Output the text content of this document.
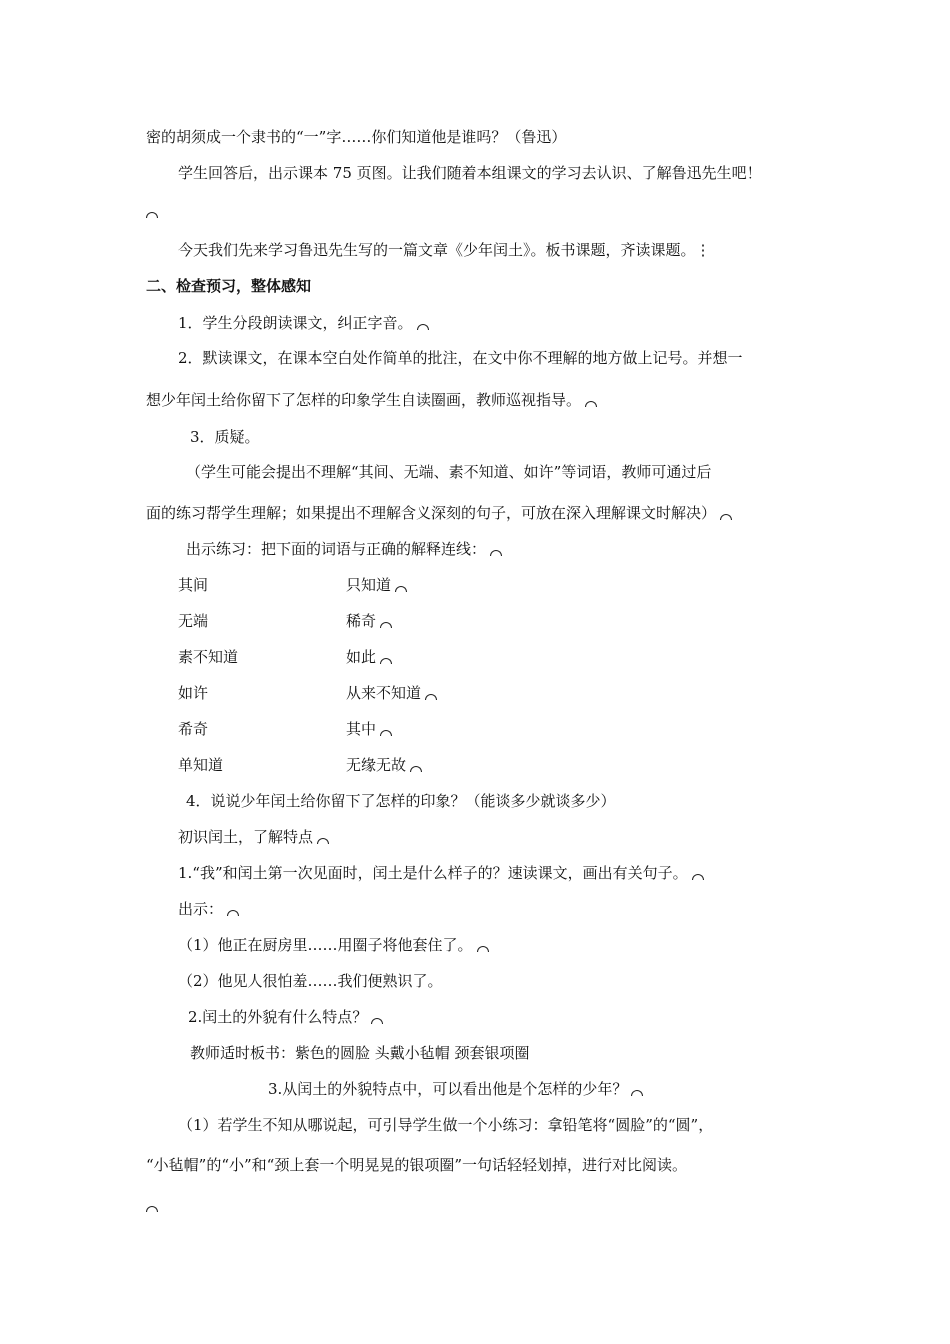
密的胡须成一个隶书的“一”字……你们知道他是谁吗？（鲁迅）
学生回答后，出示课本 75 页图。让我们随着本组课文的学习去认识、了解鲁迅先生吧！
今天我们先来学习鲁迅先生写的一篇文章《少年闰土》。板书课题，齐读课题。⋮
二、检查预习，整体感知
1．学生分段朗读课文，纠正字音。
2．默读课文，在课本空白处作简单的批注，在文中你不理解的地方做上记号。并想一
想少年闰土给你留下了怎样的印象学生自读圈画，教师巡视指导。
3．质疑。
（学生可能会提出不理解“其间、无端、素不知道、如许”等词语，教师可通过后
面的练习帮学生理解；如果提出不理解含义深刻的句子，可放在深入理解课文时解决）
出示练习：把下面的词语与正确的解释连线：
其间	只知道
无端	稀奇
素不知道	如此
如许	从来不知道
希奇	其中
单知道	无缘无故
4．说说少年闰土给你留下了怎样的印象？（能谈多少就谈多少）
初识闰土，了解特点
1.“我”和闰土第一次见面时，闰土是什么样子的？速读课文，画出有关句子。
出示：
（1）他正在厨房里……用圈子将他套住了。
（2）他见人很怕羞……我们便熟识了。
2.闰土的外貌有什么特点？
教师适时板书：紫色的圆脸 头戴小毡帽 颈套银项圈
3.从闰土的外貌特点中，可以看出他是个怎样的少年？
（1）若学生不知从哪说起，可引导学生做一个小练习：拿铅笔将“圆脸”的“圆”，
“小毡帽”的“小”和“颈上套一个明晃晃的银项圈”一句话轻轻划掉，进行对比阅读。
